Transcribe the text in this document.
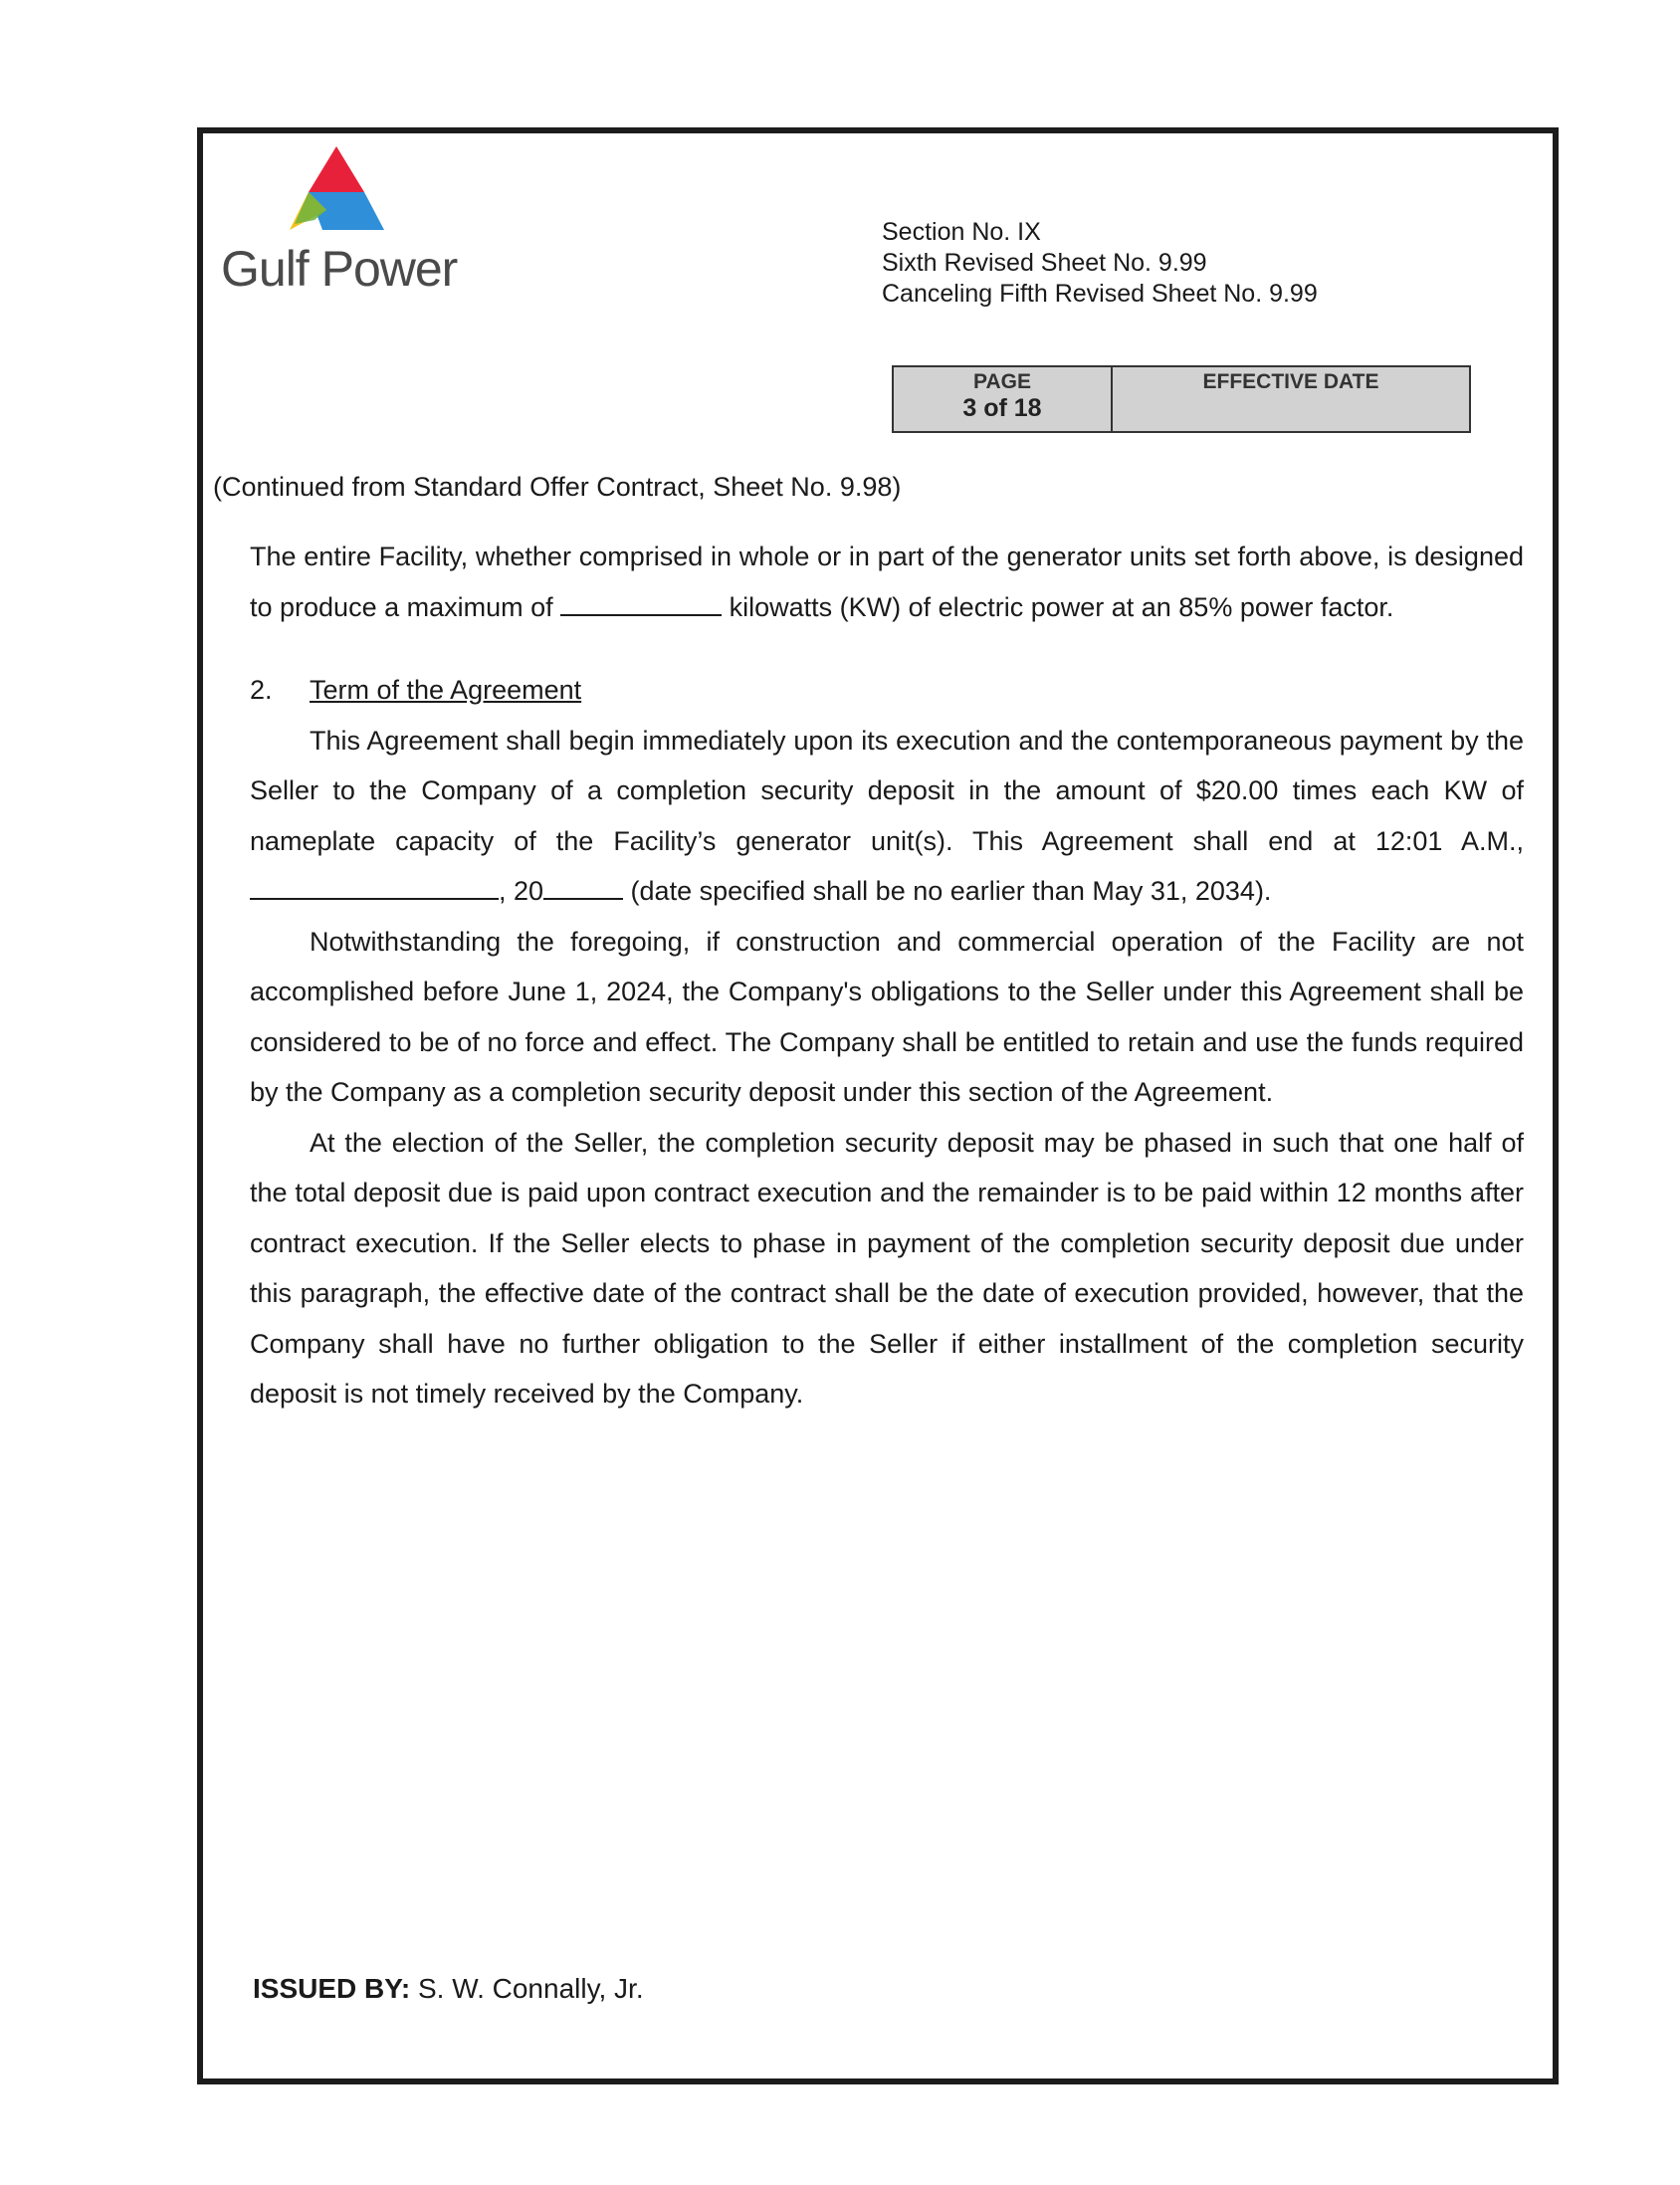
Gulf Power
Section No. IX
Sixth Revised Sheet No. 9.99
Canceling Fifth Revised Sheet No. 9.99
PAGE
3 of 18
EFFECTIVE DATE
(Continued from Standard Offer Contract, Sheet No. 9.98)

The entire Facility, whether comprised in whole or in part of the generator units set forth above, is designed to produce a maximum of	kilowatts (KW) of electric power at an 85% power factor.

2. Term of the Agreement

This Agreement shall begin immediately upon its execution and the contemporaneous payment by the Seller to the Company of a completion security deposit in the amount of $20.00 times each KW of nameplate capacity of the Facility’s generator unit(s). This Agreement shall end at 12:01 A.M., , 20	(date specified shall be no earlier than May 31, 2034).

Notwithstanding the foregoing, if construction and commercial operation of the Facility are not accomplished before June 1, 2024, the Company's obligations to the Seller under this Agreement shall be considered to be of no force and effect. The Company shall be entitled to retain and use the funds required by the Company as a completion security deposit under this section of the Agreement.

At the election of the Seller, the completion security deposit may be phased in such that one half of the total deposit due is paid upon contract execution and the remainder is to be paid within 12 months after contract execution. If the Seller elects to phase in payment of the completion security deposit due under this paragraph, the effective date of the contract shall be the date of execution provided, however, that the Company shall have no further obligation to the Seller if either installment of the completion security deposit is not timely received by the Company.

ISSUED BY: S. W. Connally, Jr.
